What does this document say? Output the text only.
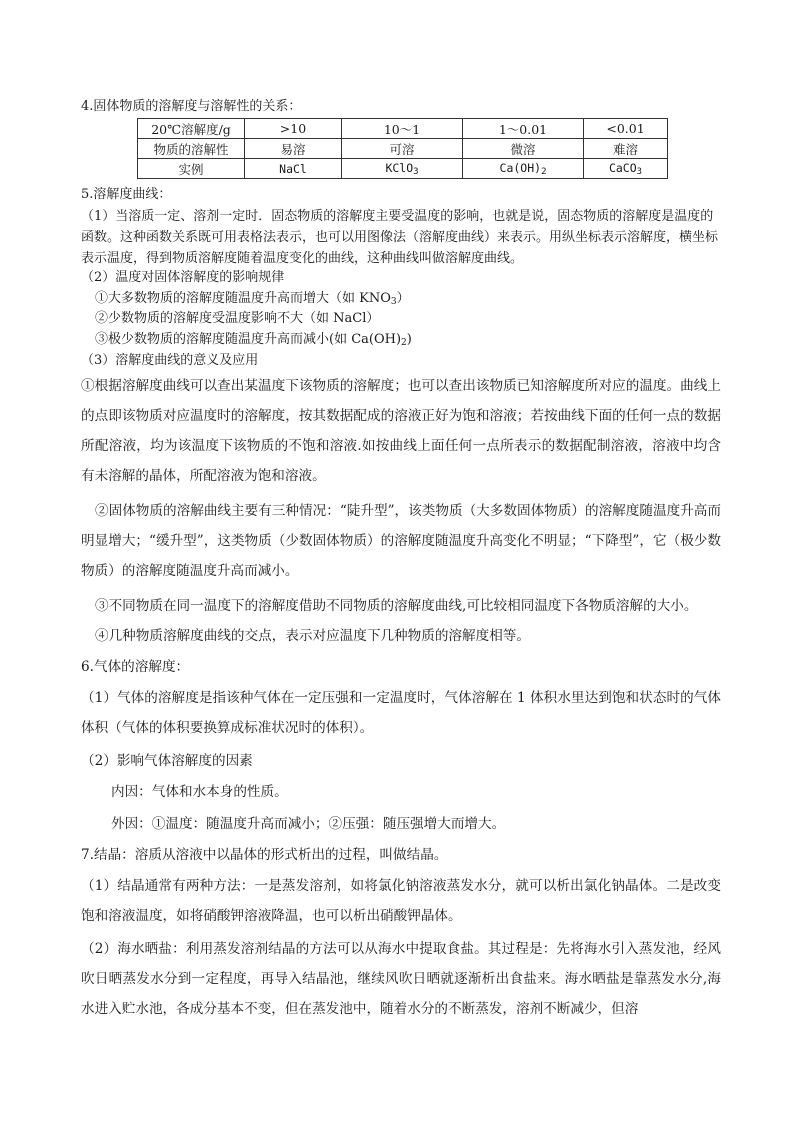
4.固体物质的溶解度与溶解性的关系：
20℃溶解度/g	>10	10～1	1～0.01	<0.01
物质的溶解性	易溶	可溶	微溶	难溶
实例	NaCl	KClO$_3$	$Ca(OH)_2$	CaCO$_3$
5.溶解度曲线：
（1）当溶质一定、溶剂一定时．固态物质的溶解度主要受温度的影响，也就是说，固态物质的溶解度是温度的函数。这种函数关系既可用表格法表示，也可以用图像法（溶解度曲线）来表示。用纵坐标表示溶解度，横坐标表示温度，得到物质溶解度随着温度变化的曲线，这种曲线叫做溶解度曲线。
（2）温度对固体溶解度的影响规律
①大多数物质的溶解度随温度升高而增大（如 $KNO_3$）
②少数物质的溶解度受温度影响不大（如 NaCl）
③极少数物质的溶解度随温度升高而减小(如 $Ca(OH)_2$)
（3）溶解度曲线的意义及应用
①根据溶解度曲线可以查出某温度下该物质的溶解度；也可以查出该物质已知溶解度所对应的温度。曲线上的点即该物质对应温度时的溶解度，按其数据配成的溶液正好为饱和溶液；若按曲线下面的任何一点的数据所配溶液，均为该温度下该物质的不饱和溶液.如按曲线上面任何一点所表示的数据配制溶液，溶液中均含有未溶解的晶体，所配溶液为饱和溶液。
②固体物质的溶解曲线主要有三种情况：“陡升型”，该类物质（大多数固体物质）的溶解度随温度升高而明显增大；“缓升型”，这类物质（少数固体物质）的溶解度随温度升高变化不明显；“下降型”，它（极少数物质）的溶解度随温度升高而减小。
③不同物质在同一温度下的溶解度借助不同物质的溶解度曲线,可比较相同温度下各物质溶解的大小。
④几种物质溶解度曲线的交点，表示对应温度下几种物质的溶解度相等。
6.气体的溶解度：
（1）气体的溶解度是指该种气体在一定压强和一定温度时，气体溶解在 1 体积水里达到饱和状态时的气体体积（气体的体积要换算成标准状况时的体积）。
（2）影响气体溶解度的因素
内因：气体和水本身的性质。
外因：①温度：随温度升高而减小；②压强：随压强增大而增大。
7.结晶：溶质从溶液中以晶体的形式析出的过程，叫做结晶。
（1）结晶通常有两种方法：一是蒸发溶剂，如将氯化钠溶液蒸发水分，就可以析出氯化钠晶体。二是改变饱和溶液温度，如将硝酸钾溶液降温，也可以析出硝酸钾晶体。
（2）海水晒盐：利用蒸发溶剂结晶的方法可以从海水中提取食盐。其过程是：先将海水引入蒸发池，经风吹日晒蒸发水分到一定程度，再导入结晶池，继续风吹日晒就逐渐析出食盐来。海水晒盐是靠蒸发水分,海水进入贮水池，各成分基本不变，但在蒸发池中，随着水分的不断蒸发，溶剂不断减少，但溶
